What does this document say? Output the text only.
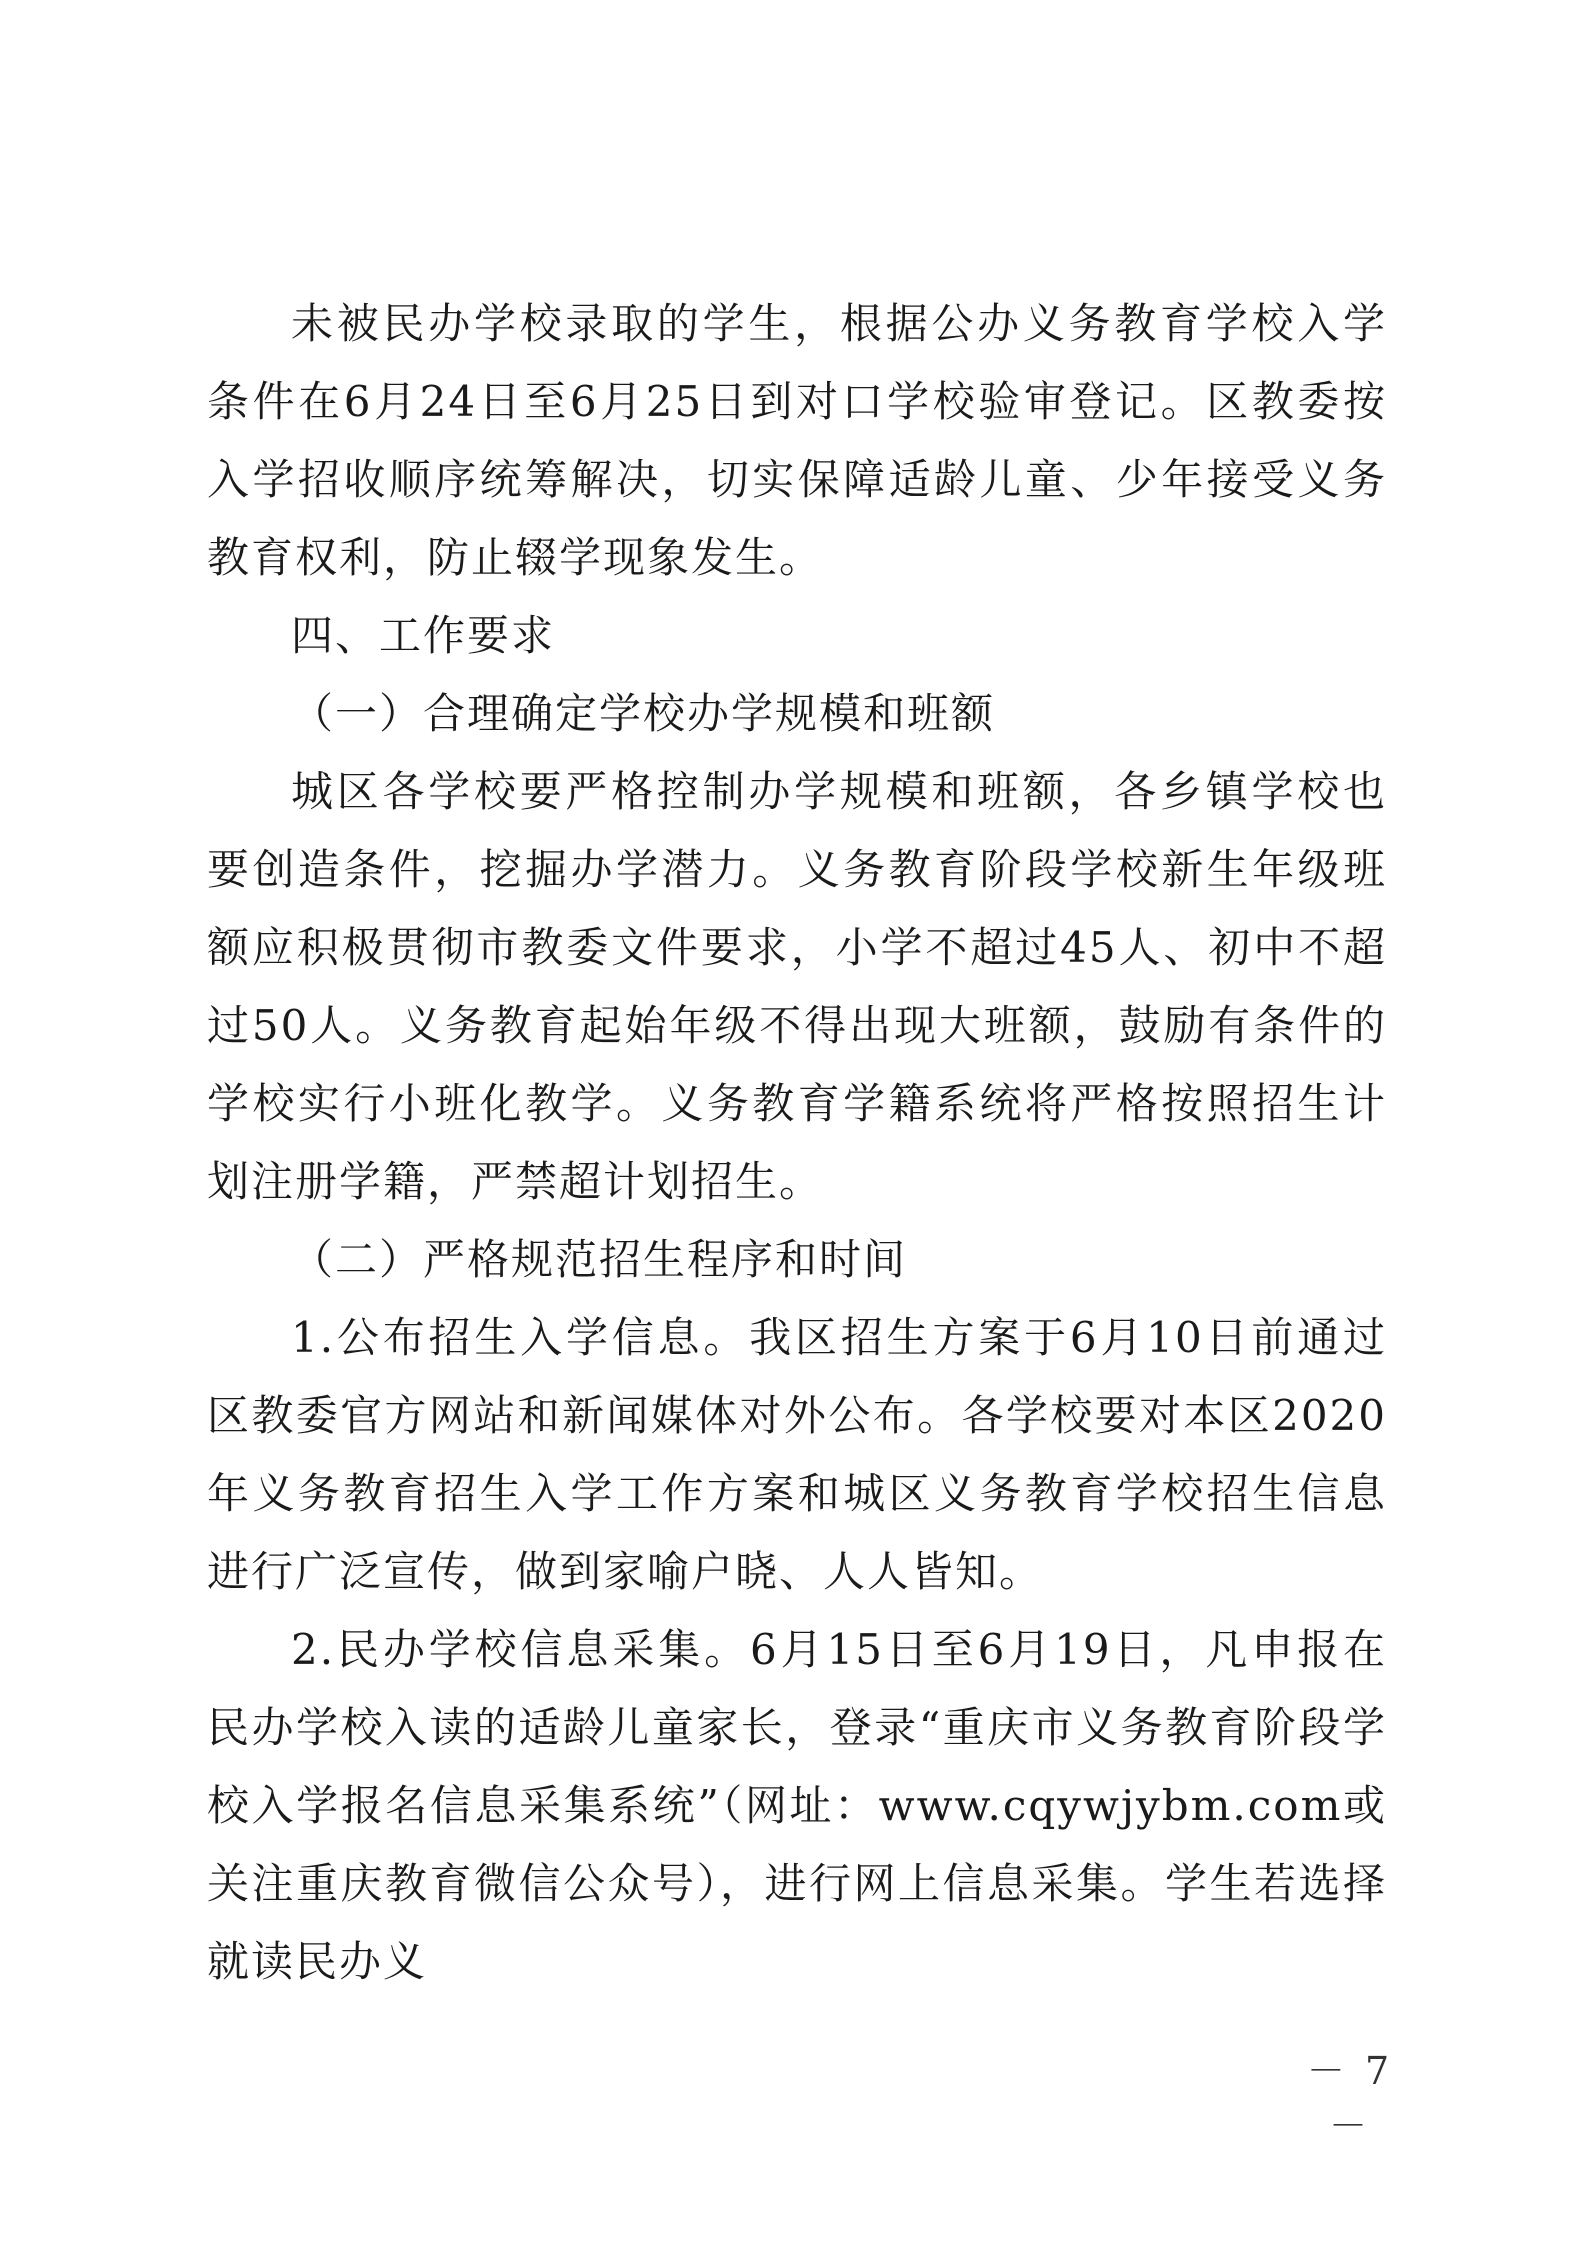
未被民办学校录取的学生，根据公办义务教育学校入学条件在6月24日至6月25日到对口学校验审登记。区教委按入学招收顺序统筹解决，切实保障适龄儿童、少年接受义务教育权利，防止辍学现象发生。

四、工作要求

（一）合理确定学校办学规模和班额

城区各学校要严格控制办学规模和班额，各乡镇学校也要创造条件，挖掘办学潜力。义务教育阶段学校新生年级班额应积极贯彻市教委文件要求，小学不超过45人、初中不超过50人。义务教育起始年级不得出现大班额，鼓励有条件的学校实行小班化教学。义务教育学籍系统将严格按照招生计划注册学籍，严禁超计划招生。

（二）严格规范招生程序和时间

1.公布招生入学信息。我区招生方案于6月10日前通过区教委官方网站和新闻媒体对外公布。各学校要对本区2020年义务教育招生入学工作方案和城区义务教育学校招生信息进行广泛宣传，做到家喻户晓、人人皆知。

2.民办学校信息采集。6月15日至6月19日，凡申报在民办学校入读的适龄儿童家长，登录“重庆市义务教育阶段学校入学报名信息采集系统”（网址：www.cqywjybm.com或关注重庆教育微信公众号），进行网上信息采集。学生若选择就读民办义

－ 7 －
